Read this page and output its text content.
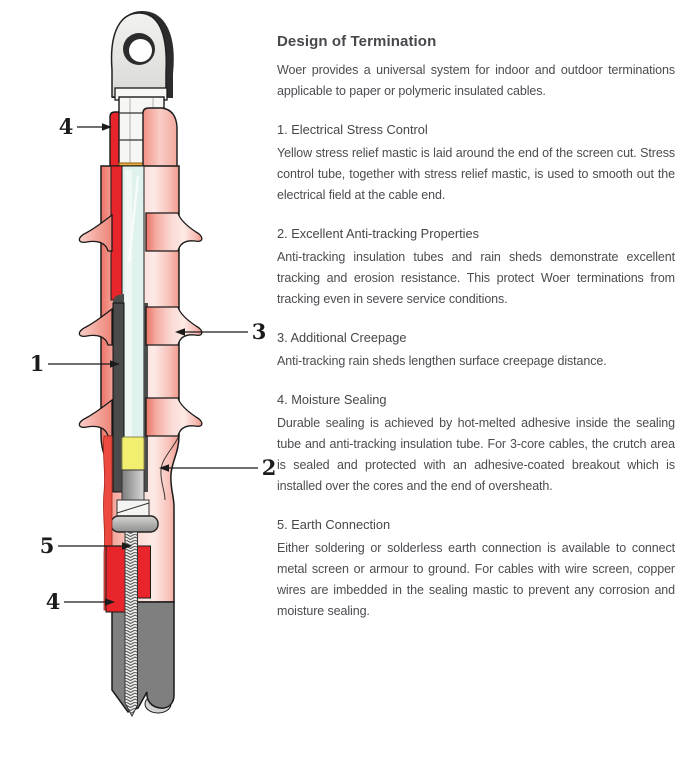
4
3
1
2
5
4
Design of Termination

Woer provides a universal system for indoor and outdoor terminations applicable to paper or polymeric insulated cables.

1. Electrical Stress Control

Yellow stress relief mastic is laid around the end of the screen cut. Stress control tube, together with stress relief mastic, is used to smooth out the electrical field at the cable end.

2. Excellent Anti-tracking Properties

Anti-tracking insulation tubes and rain sheds demonstrate excellent tracking and erosion resistance. This protect Woer terminations from tracking even in severe service conditions.

3. Additional Creepage

Anti-tracking rain sheds lengthen surface creepage distance.

4. Moisture Sealing

Durable sealing is achieved by hot-melted adhesive inside the sealing tube and anti-tracking insulation tube. For 3-core cables, the crutch area is sealed and protected with an adhesive-coated breakout which is installed over the cores and the end of oversheath.

5. Earth Connection

Either soldering or solderless earth connection is available to connect metal screen or armour to ground. For cables with wire screen, copper wires are imbedded in the sealing mastic to prevent any corrosion and moisture sealing.
